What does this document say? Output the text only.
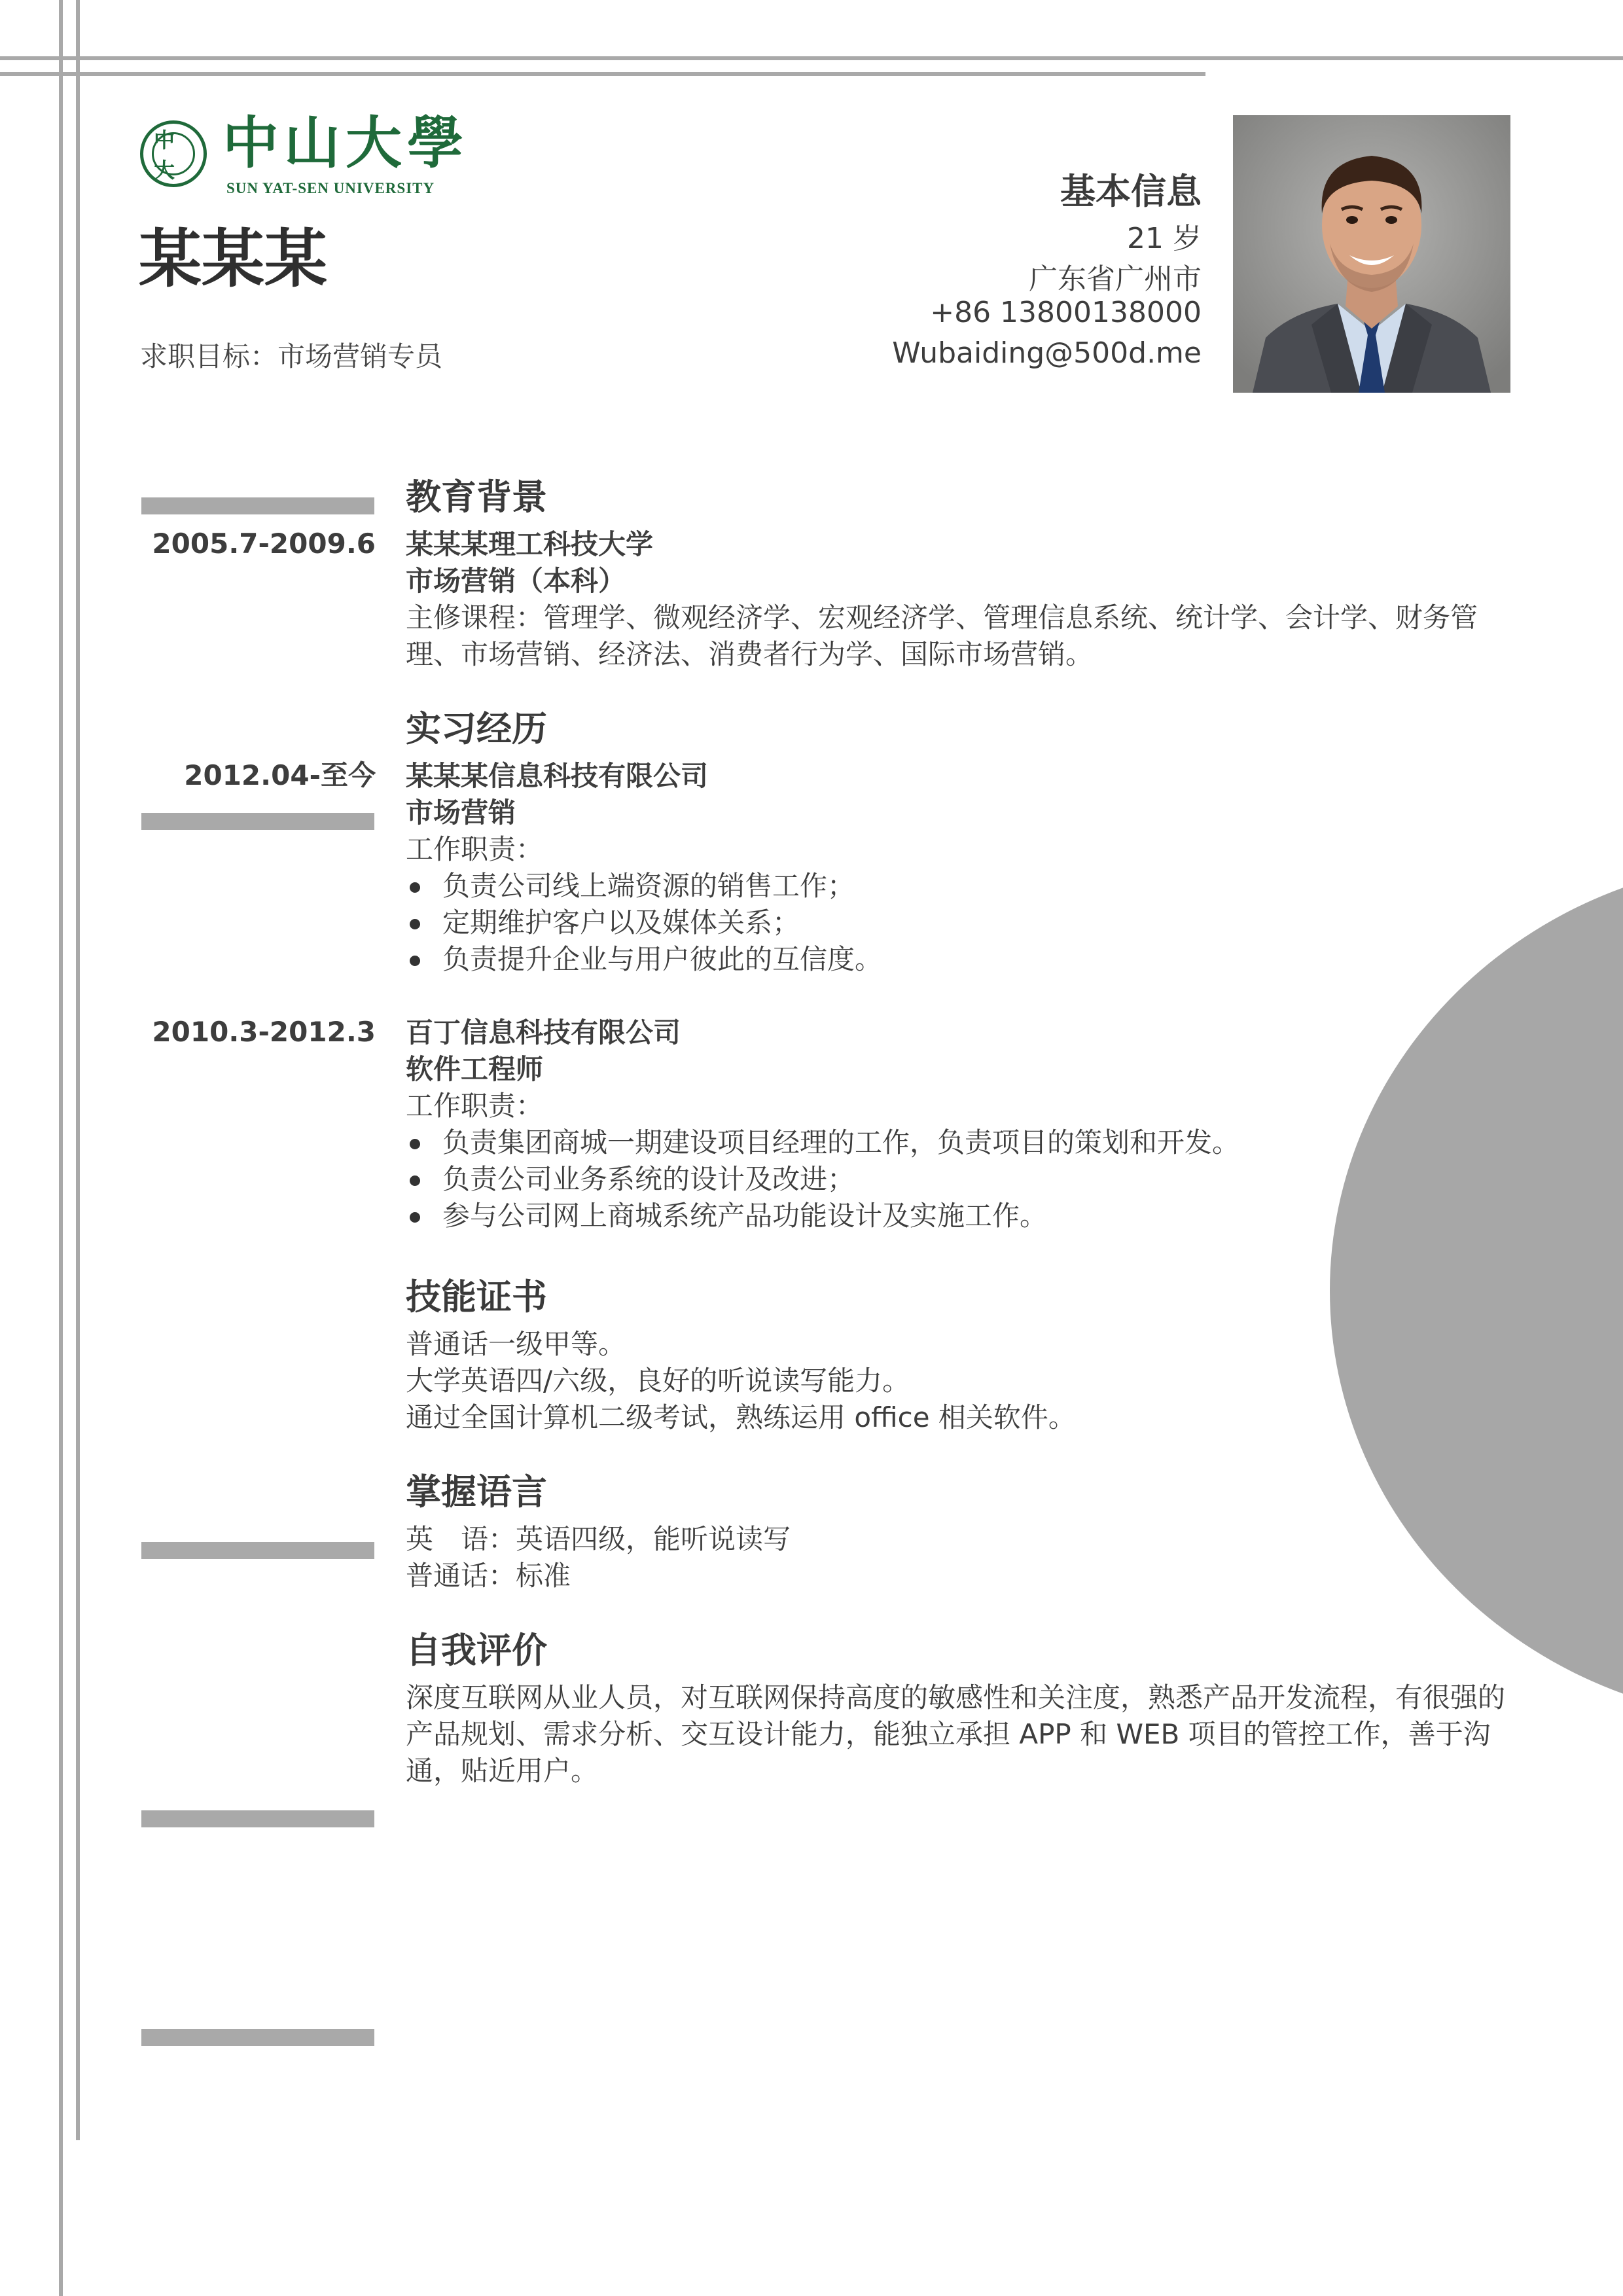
中大 中山大學
SUN YAT-SEN UNIVERSITY
某某某
求职目标：市场营销专员
基本信息
21 岁
广东省广州市
+86 13800138000
Wubaiding@500d.me
教育背景
2005.7-2009.6 某某某理工科技大学
市场营销（本科）
主修课程：管理学、微观经济学、宏观经济学、管理信息系统、统计学、会计学、财务管
理、市场营销、经济法、消费者行为学、国际市场营销。
实习经历
2012.04-至今 某某某信息科技有限公司
市场营销
工作职责：
负责公司线上端资源的销售工作；
定期维护客户以及媒体关系；
负责提升企业与用户彼此的互信度。
2010.3-2012.3 百丁信息科技有限公司
软件工程师
工作职责：
负责集团商城一期建设项目经理的工作，负责项目的策划和开发。
负责公司业务系统的设计及改进；
参与公司网上商城系统产品功能设计及实施工作。
技能证书
普通话一级甲等。
大学英语四/六级，良好的听说读写能力。
通过全国计算机二级考试，熟练运用 office 相关软件。
掌握语言
英　语：英语四级，能听说读写
普通话：标准
自我评价
深度互联网从业人员，对互联网保持高度的敏感性和关注度，熟悉产品开发流程，有很强的
产品规划、需求分析、交互设计能力，能独立承担 APP 和 WEB 项目的管控工作，善于沟
通，贴近用户。
